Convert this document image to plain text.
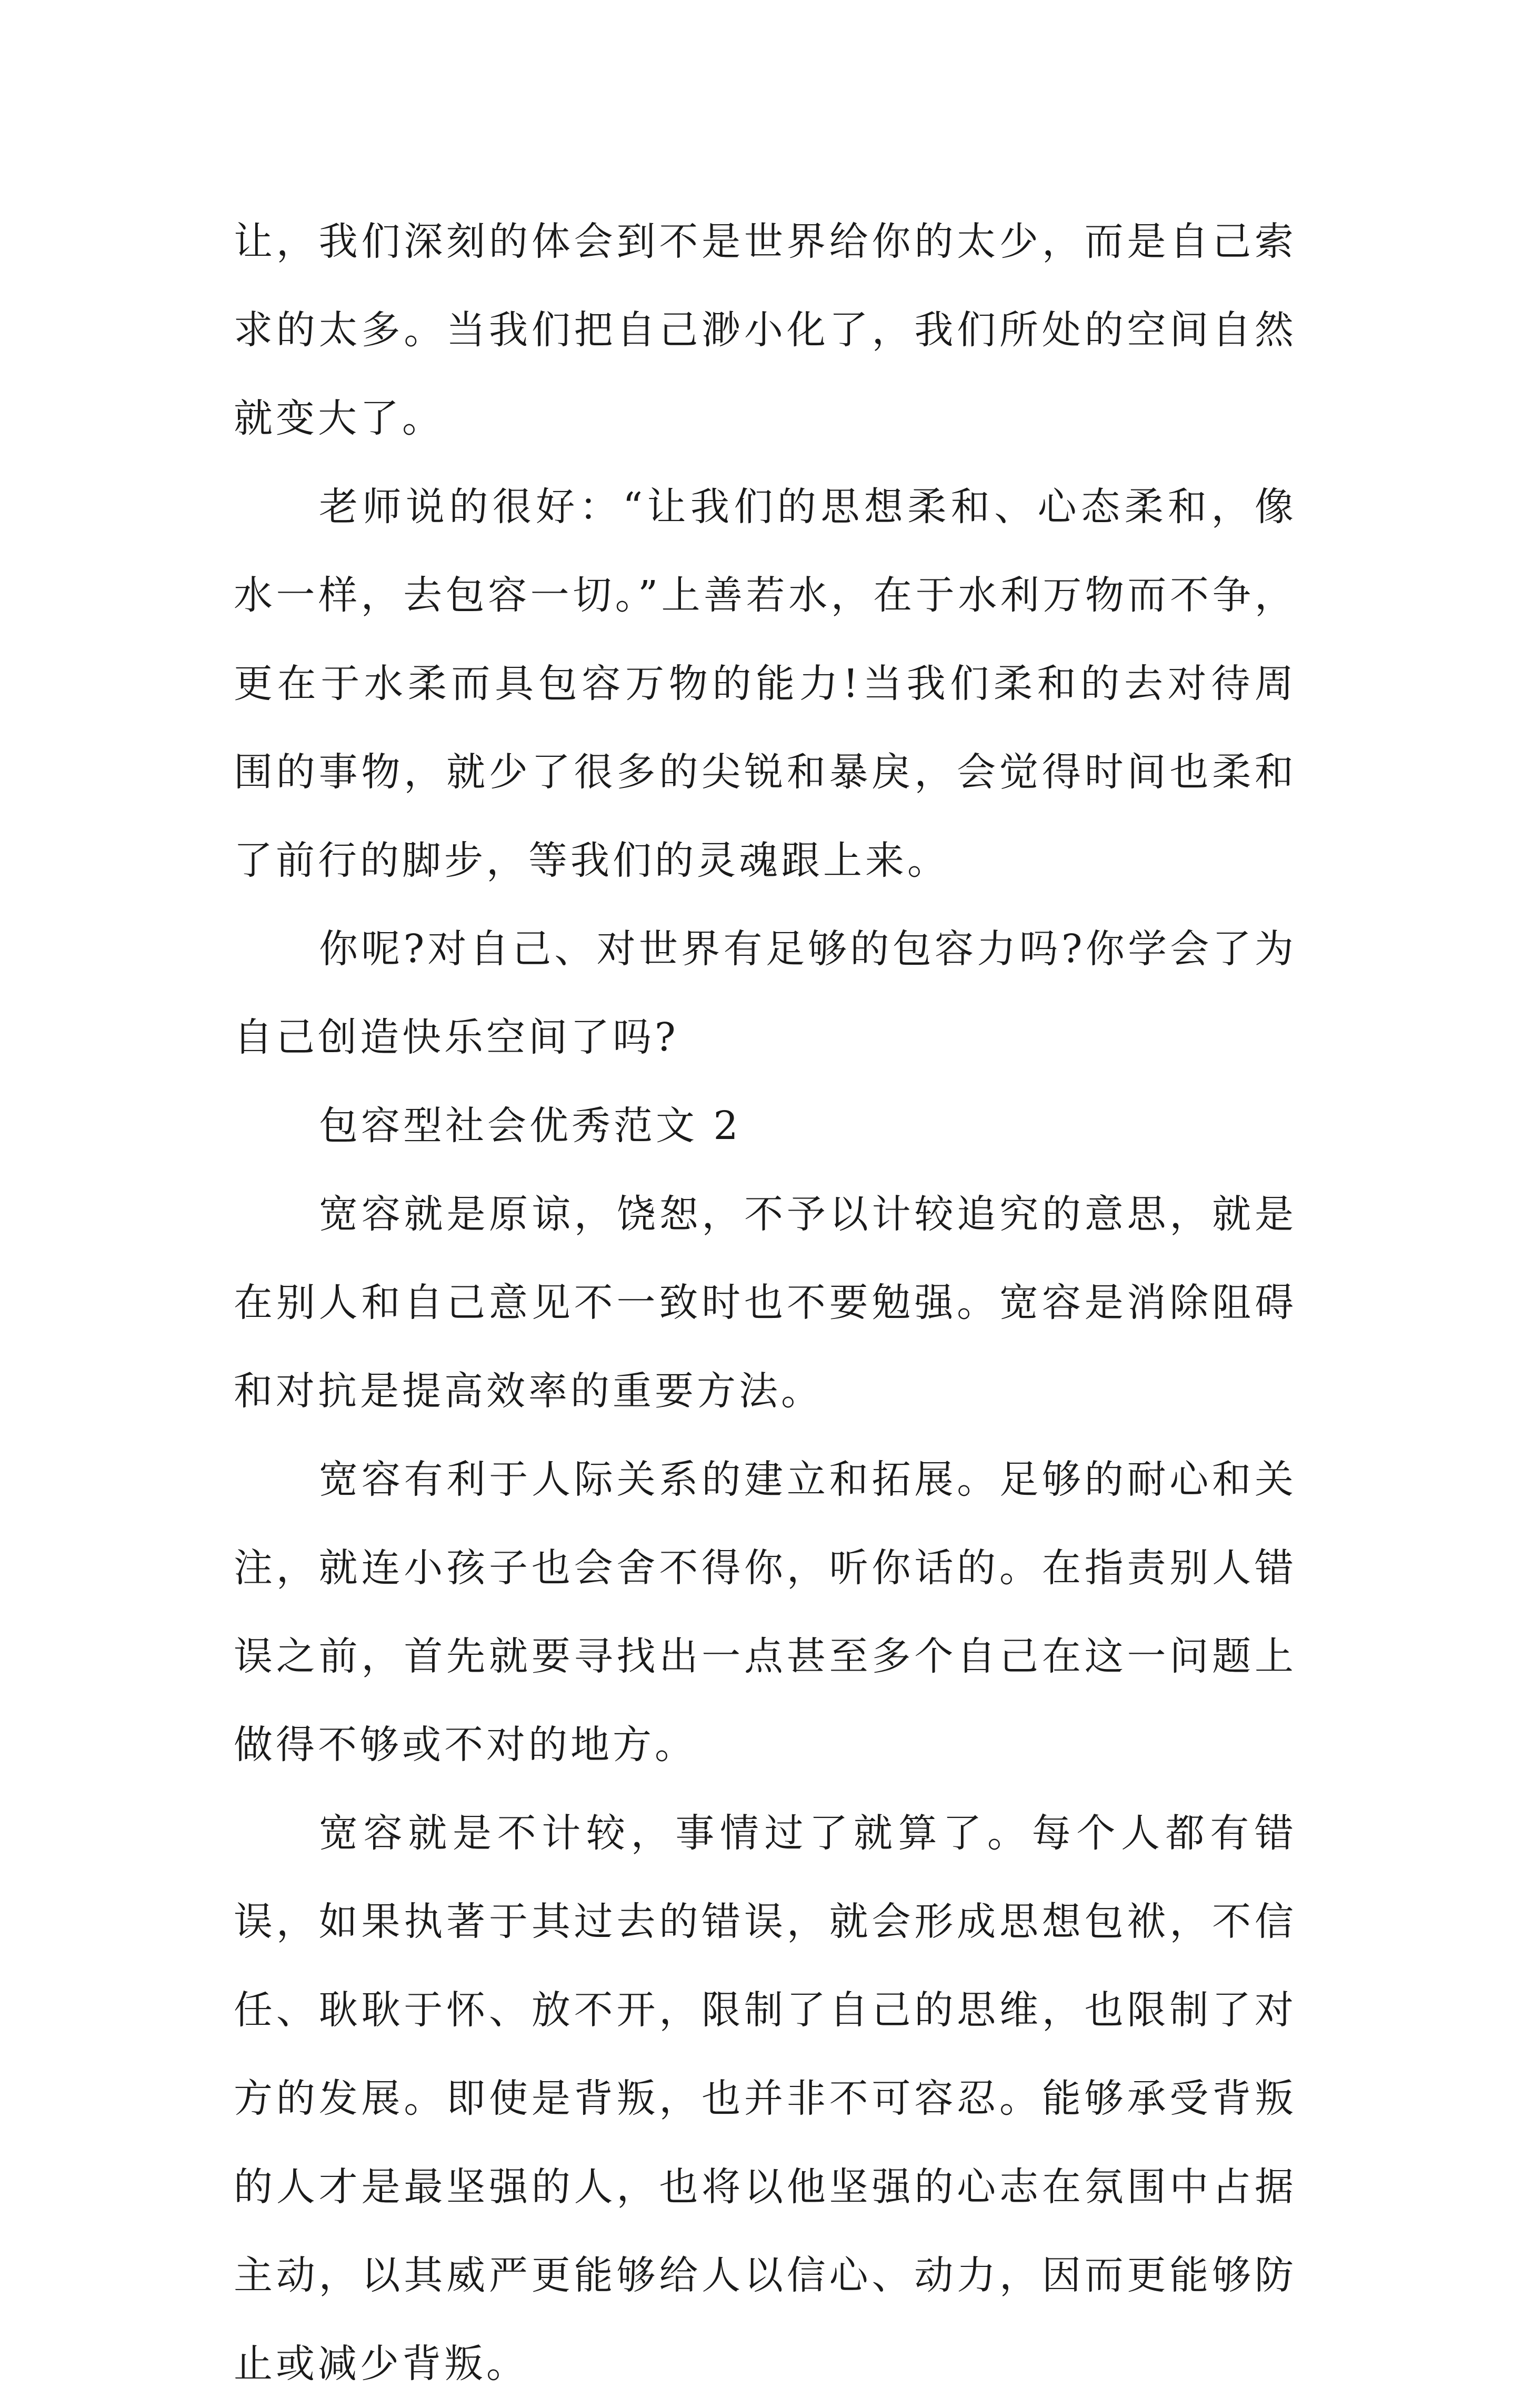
让，我们深刻的体会到不是世界给你的太少，而是自己索求的太多。当我们把自己渺小化了，我们所处的空间自然就变大了。

老师说的很好：“让我们的思想柔和、心态柔和，像水一样，去包容一切。”上善若水，在于水利万物而不争，更在于水柔而具包容万物的能力!当我们柔和的去对待周围的事物，就少了很多的尖锐和暴戾，会觉得时间也柔和了前行的脚步，等我们的灵魂跟上来。

你呢?对自己、对世界有足够的包容力吗?你学会了为自己创造快乐空间了吗?

包容型社会优秀范文 2

宽容就是原谅，饶恕，不予以计较追究的意思，就是在别人和自己意见不一致时也不要勉强。宽容是消除阻碍和对抗是提高效率的重要方法。

宽容有利于人际关系的建立和拓展。足够的耐心和关注，就连小孩子也会舍不得你，听你话的。在指责别人错误之前，首先就要寻找出一点甚至多个自己在这一问题上做得不够或不对的地方。

宽容就是不计较，事情过了就算了。每个人都有错误，如果执著于其过去的错误，就会形成思想包袱，不信任、耿耿于怀、放不开，限制了自己的思维，也限制了对方的发展。即使是背叛，也并非不可容忍。能够承受背叛的人才是最坚强的人，也将以他坚强的心志在氛围中占据主动，以其威严更能够给人以信心、动力，因而更能够防止或减少背叛。
